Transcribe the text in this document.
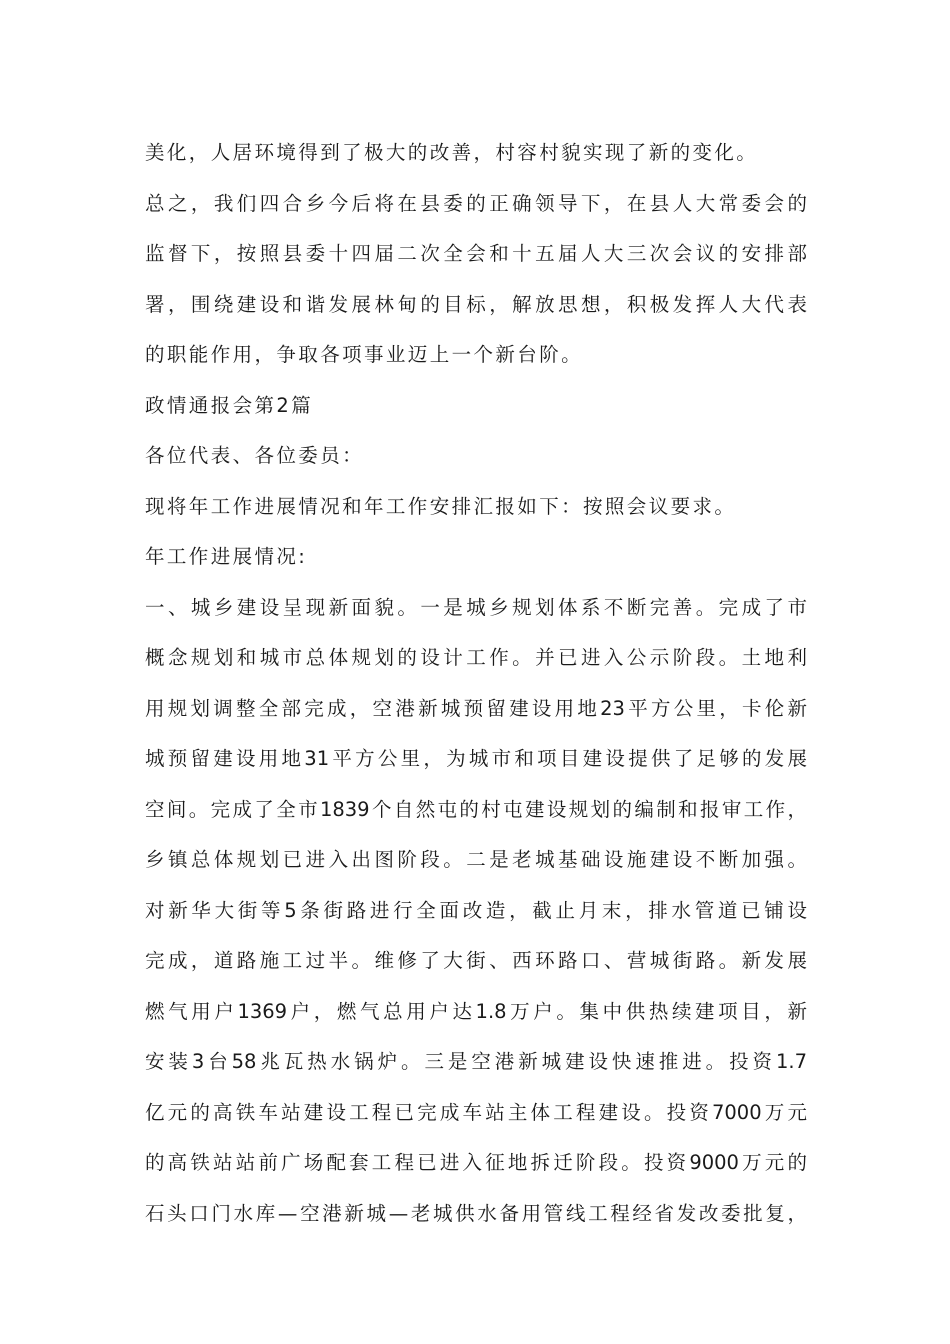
美化，人居环境得到了极大的改善，村容村貌实现了新的变化。
总之，我们四合乡今后将在县委的正确领导下，在县人大常委会的
监督下，按照县委十四届二次全会和十五届人大三次会议的安排部
署，围绕建设和谐发展林甸的目标，解放思想，积极发挥人大代表
的职能作用，争取各项事业迈上一个新台阶。
政情通报会第2篇
各位代表、各位委员：
现将年工作进展情况和年工作安排汇报如下：按照会议要求。
年工作进展情况:
一、城乡建设呈现新面貌。一是城乡规划体系不断完善。完成了市
概念规划和城市总体规划的设计工作。并已进入公示阶段。土地利
用规划调整全部完成，空港新城预留建设用地23平方公里，卡伦新
城预留建设用地31平方公里，为城市和项目建设提供了足够的发展
空间。完成了全市1839个自然屯的村屯建设规划的编制和报审工作，
乡镇总体规划已进入出图阶段。二是老城基础设施建设不断加强。
对新华大街等5条街路进行全面改造，截止月末，排水管道已铺设
完成，道路施工过半。维修了大街、西环路口、营城街路。新发展
燃气用户1369户，燃气总用户达1.8万户。集中供热续建项目，新
安装3台58兆瓦热水锅炉。三是空港新城建设快速推进。投资1.7
亿元的高铁车站建设工程已完成车站主体工程建设。投资7000万元
的高铁站站前广场配套工程已进入征地拆迁阶段。投资9000万元的
石头口门水库—空港新城—老城供水备用管线工程经省发改委批复，
